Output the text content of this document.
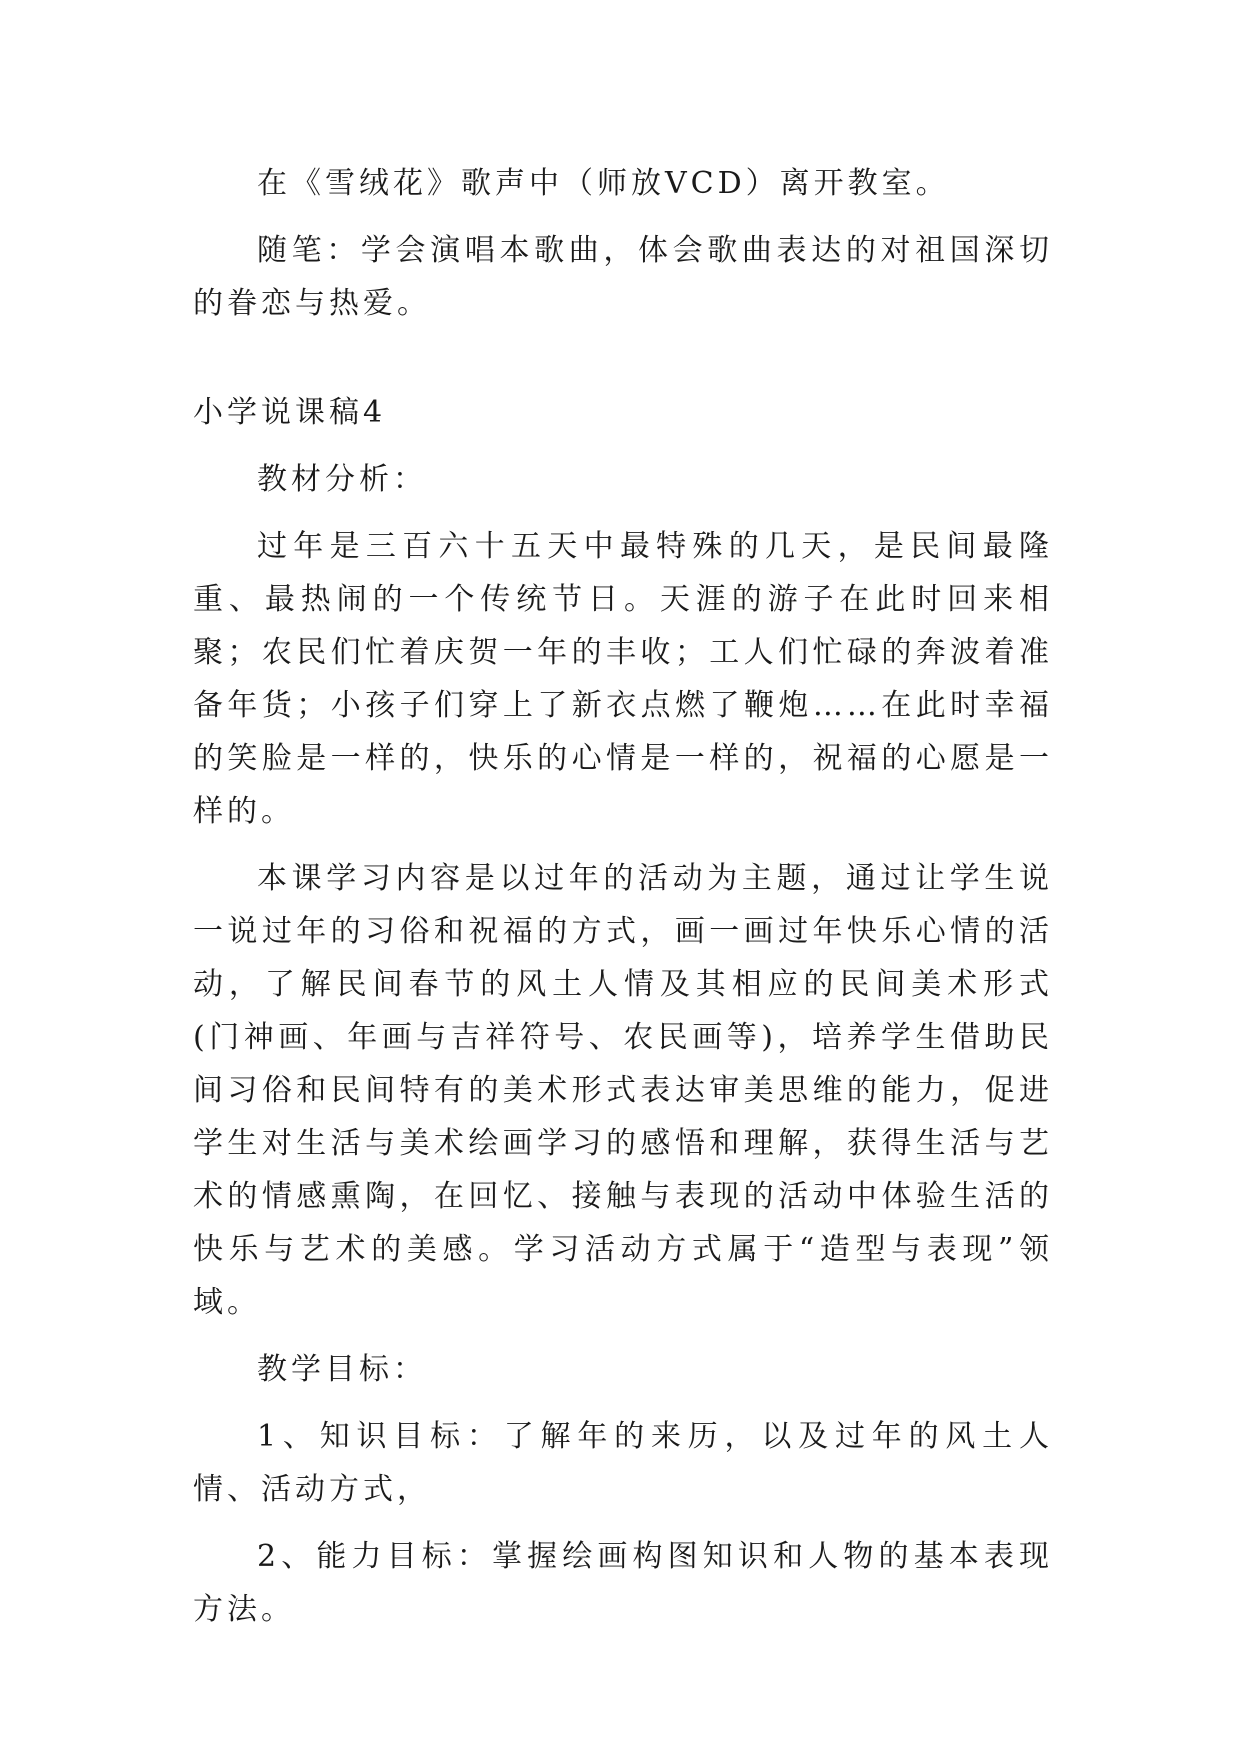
在《雪绒花》歌声中（师放VCD）离开教室。

随笔：学会演唱本歌曲，体会歌曲表达的对祖国深切的眷恋与热爱。

小学说课稿4

教材分析：

过年是三百六十五天中最特殊的几天，是民间最隆重、最热闹的一个传统节日。天涯的游子在此时回来相聚；农民们忙着庆贺一年的丰收；工人们忙碌的奔波着准备年货；小孩子们穿上了新衣点燃了鞭炮……在此时幸福的笑脸是一样的，快乐的心情是一样的，祝福的心愿是一样的。

本课学习内容是以过年的活动为主题，通过让学生说一说过年的习俗和祝福的方式，画一画过年快乐心情的活动，了解民间春节的风土人情及其相应的民间美术形式(门神画、年画与吉祥符号、农民画等)，培养学生借助民间习俗和民间特有的美术形式表达审美思维的能力，促进学生对生活与美术绘画学习的感悟和理解，获得生活与艺术的情感熏陶，在回忆、接触与表现的活动中体验生活的快乐与艺术的美感。学习活动方式属于“造型与表现”领域。

教学目标：

1、知识目标：了解年的来历，以及过年的风土人情、活动方式，

2、能力目标：掌握绘画构图知识和人物的基本表现方法。
